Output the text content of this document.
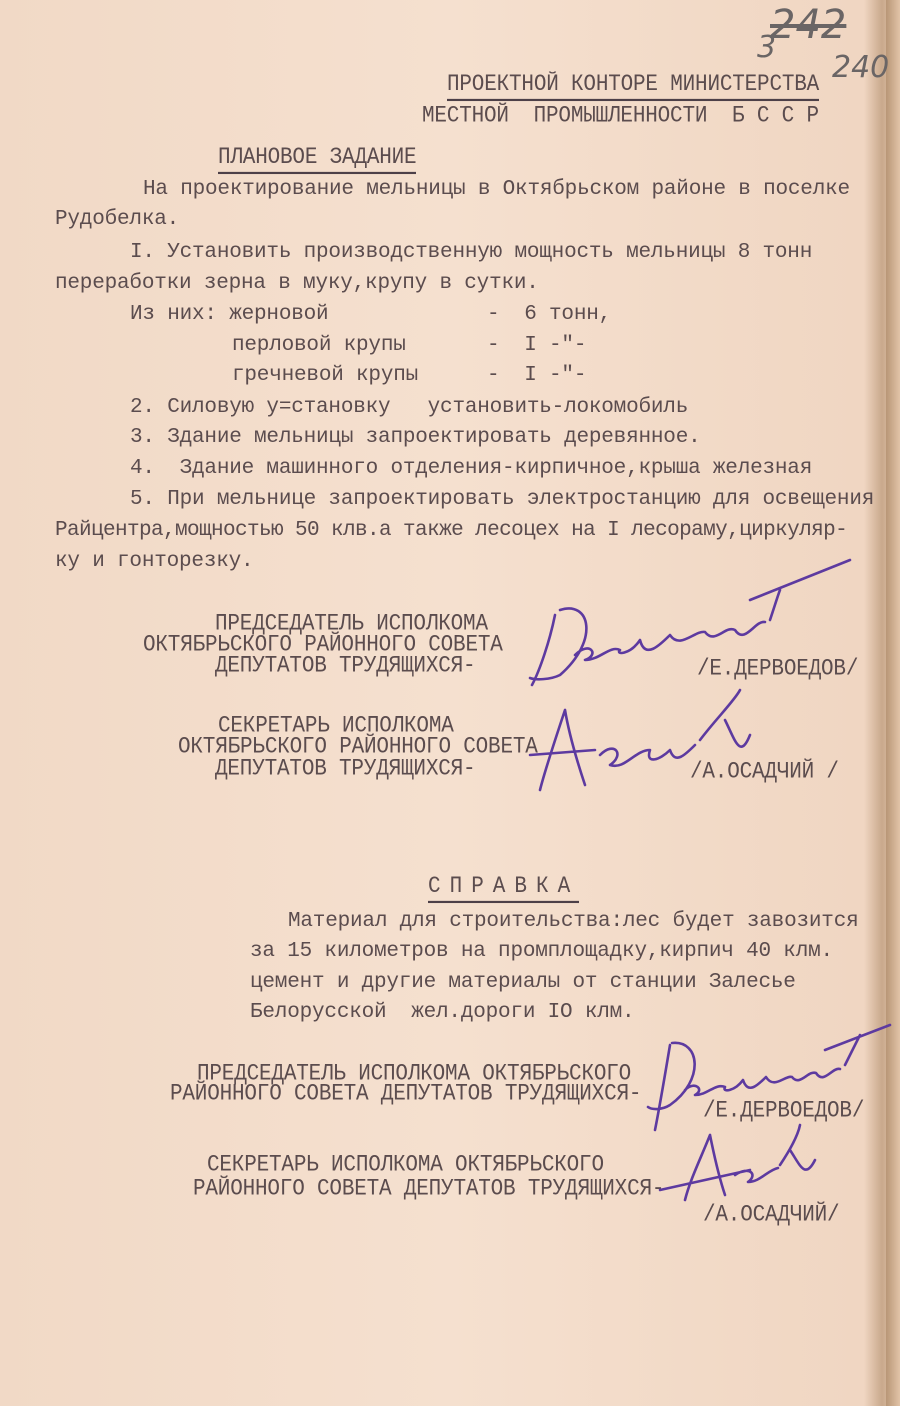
242
3
240
ПРОЕКТНОЙ КОНТОРЕ МИНИСТЕРСТВА
МЕСТНОЙ  ПРОМЫШЛЕННОСТИ  Б С С Р
ПЛАНОВОЕ ЗАДАНИЕ
На проектирование мельницы в Октябрьском районе в поселке
Рудобелка.
I. Установить производственную мощность мельницы 8 тонн
переработки зерна в муку,крупу в сутки.
Из них: жерновой	-  6 тонн,
перловой крупы	-  I -"-
гречневой крупы	-  I -"-
2. Силовую у=становку   установить-локомобиль
3. Здание мельницы запроектировать деревянное.
4.  Здание машинного отделения-кирпичное,крыша железная
5. При мельнице запроектировать электростанцию для освещения
Райцентра,мощностью 50 клв.а также лесоцех на I лесораму,циркуляр-
ку и гонторезку.
ПРЕДСЕДАТЕЛЬ ИСПОЛКОМА
ОКТЯБРЬСКОГО РАЙОННОГО СОВЕТА
ДЕПУТАТОВ ТРУДЯЩИХСЯ-	/Е.ДЕРВОЕДОВ/
СЕКРЕТАРЬ ИСПОЛКОМА
ОКТЯБРЬСКОГО РАЙОННОГО СОВЕТА
ДЕПУТАТОВ ТРУДЯЩИХСЯ-	/А.ОСАДЧИЙ /
СПРАВКА
Материал для строительства:лес будет завозится
за 15 километров на промплощадку,кирпич 40 клм.
цемент и другие материалы от станции Залесье
Белорусской  жел.дороги IO клм.
ПРЕДСЕДАТЕЛЬ ИСПОЛКОМА ОКТЯБРЬСКОГО
РАЙОННОГО СОВЕТА ДЕПУТАТОВ ТРУДЯЩИХСЯ-
/Е.ДЕРВОЕДОВ/
СЕКРЕТАРЬ ИСПОЛКОМА ОКТЯБРЬСКОГО
РАЙОННОГО СОВЕТА ДЕПУТАТОВ ТРУДЯЩИХСЯ-
/А.ОСАДЧИЙ/
